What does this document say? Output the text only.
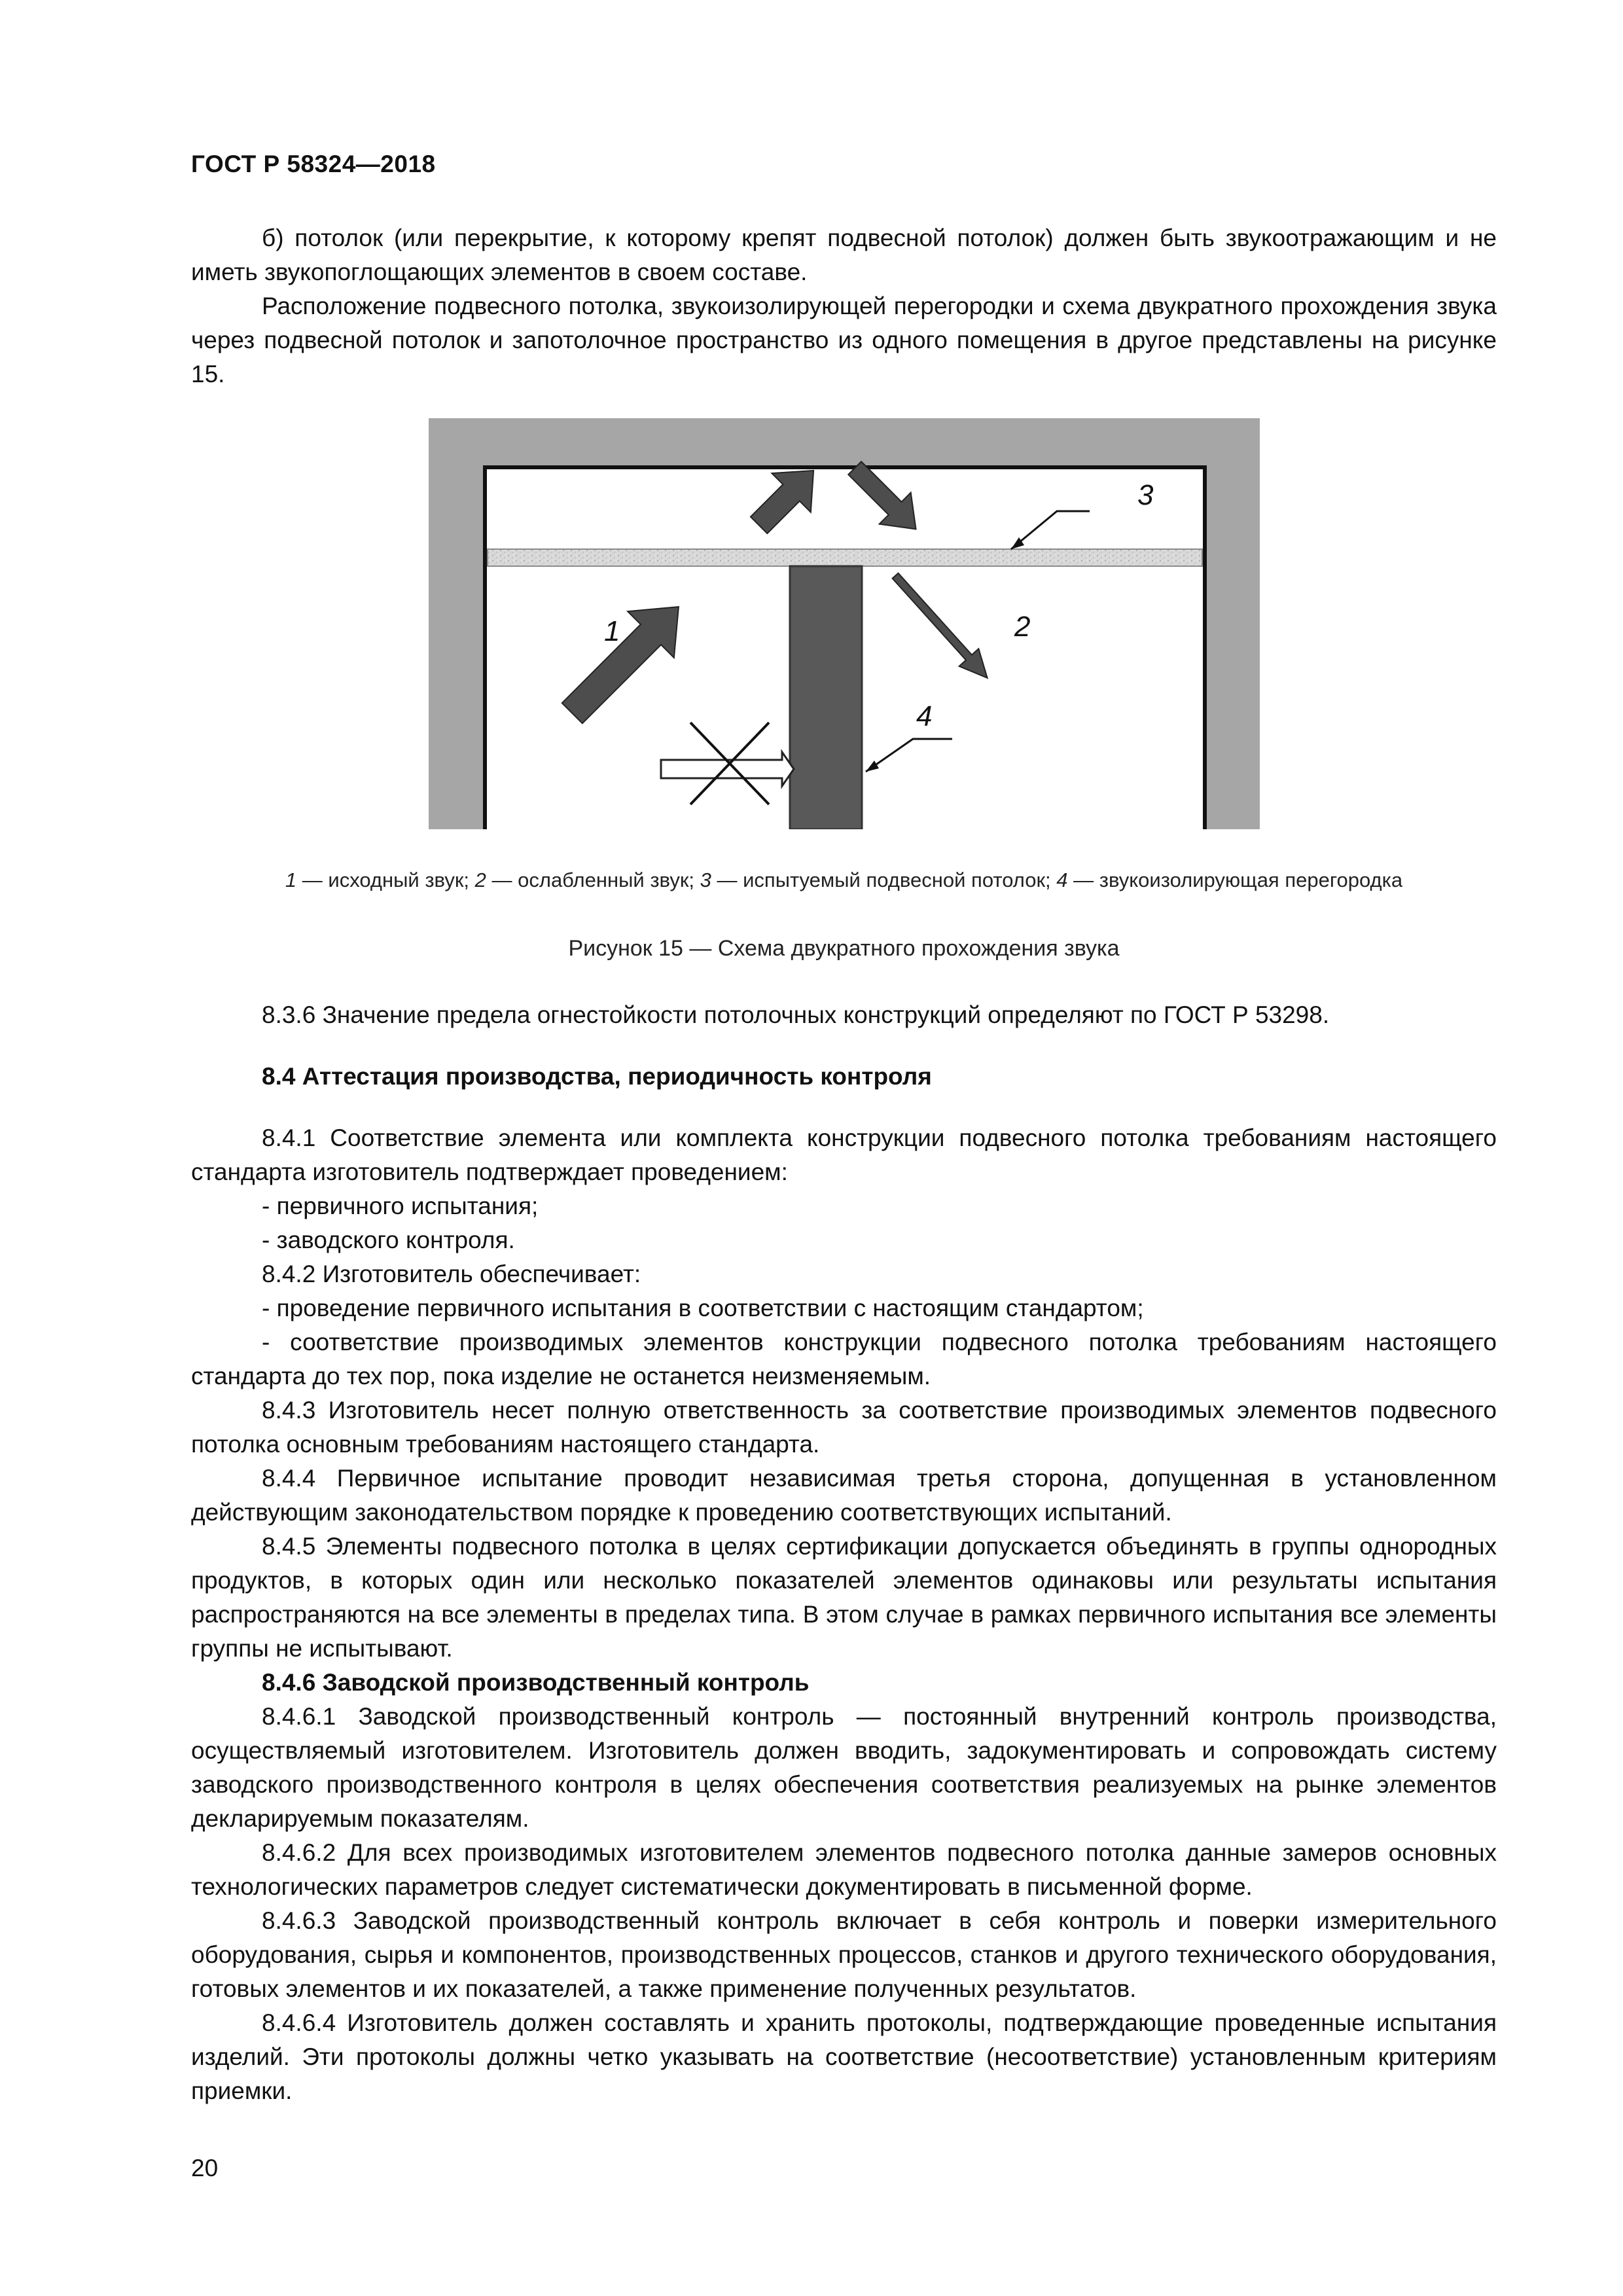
ГОСТ Р 58324—2018

б) потолок (или перекрытие, к которому крепят подвесной потолок) должен быть звукоотражающим и не иметь звукопоглощающих элементов в своем составе.

Расположение подвесного потолка, звукоизолирующей перегородки и схема двукратного прохождения звука через подвесной потолок и запотолочное пространство из одного помещения в другое представлены на рисунке 15.

1	2
3
4
1 — исходный звук; 2 — ослабленный звук; 3 — испытуемый подвесной потолок; 4 — звукоизолирующая перегородка
Рисунок 15 — Схема двукратного прохождения звука

8.3.6 Значение предела огнестойкости потолочных конструкций определяют по ГОСТ Р 53298.

8.4 Аттестация производства, периодичность контроля

8.4.1 Соответствие элемента или комплекта конструкции подвесного потолка требованиям настоящего стандарта изготовитель подтверждает проведением:

- первичного испытания;

- заводского контроля.

8.4.2 Изготовитель обеспечивает:

- проведение первичного испытания в соответствии с настоящим стандартом;

- соответствие производимых элементов конструкции подвесного потолка требованиям настоящего стандарта до тех пор, пока изделие не останется неизменяемым.

8.4.3 Изготовитель несет полную ответственность за соответствие производимых элементов подвесного потолка основным требованиям настоящего стандарта.

8.4.4 Первичное испытание проводит независимая третья сторона, допущенная в установленном действующим законодательством порядке к проведению соответствующих испытаний.

8.4.5 Элементы подвесного потолка в целях сертификации допускается объединять в группы однородных продуктов, в которых один или несколько показателей элементов одинаковы или результаты испытания распространяются на все элементы в пределах типа. В этом случае в рамках первичного испытания все элементы группы не испытывают.

8.4.6 Заводской производственный контроль

8.4.6.1 Заводской производственный контроль — постоянный внутренний контроль производства, осуществляемый изготовителем. Изготовитель должен вводить, задокументировать и сопровождать систему заводского производственного контроля в целях обеспечения соответствия реализуемых на рынке элементов декларируемым показателям.

8.4.6.2 Для всех производимых изготовителем элементов подвесного потолка данные замеров основных технологических параметров следует систематически документировать в письменной форме.

8.4.6.3 Заводской производственный контроль включает в себя контроль и поверки измерительного оборудования, сырья и компонентов, производственных процессов, станков и другого технического оборудования, готовых элементов и их показателей, а также применение полученных результатов.

8.4.6.4 Изготовитель должен составлять и хранить протоколы, подтверждающие проведенные испытания изделий. Эти протоколы должны четко указывать на соответствие (несоответствие) установленным критериям приемки.

20
